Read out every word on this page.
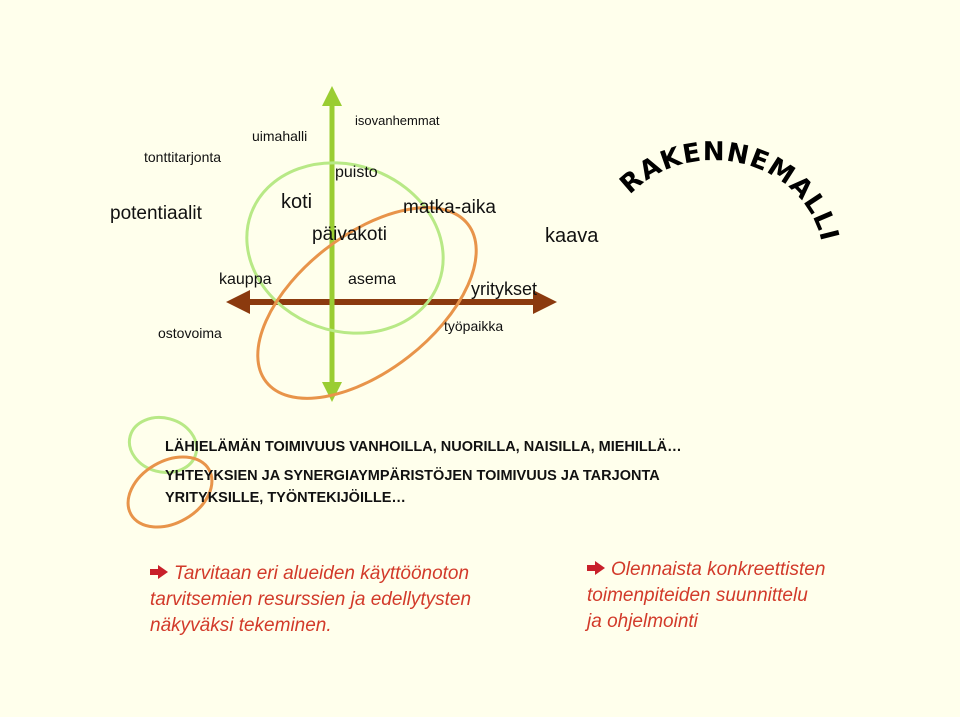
RAKENNEMALLI
isovanhemmat
uimahalli
tonttitarjonta
puisto
koti	matka-aika
potentiaalit
päivakoti	kaava
kauppa	asema	yritykset
ostovoima	työpaikka
LÄHIELÄMÄN TOIMIVUUS VANHOILLA, NUORILLA, NAISILLA, MIEHILLÄ…
YHTEYKSIEN JA SYNERGIAYMPÄRISTÖJEN TOIMIVUUS JA TARJONTA
YRITYKSILLE, TYÖNTEKIJÖILLE…
Tarvitaan eri alueiden käyttöönoton
tarvitsemien resurssien ja edellytysten
näkyväksi tekeminen.
Olennaista konkreettisten
toimenpiteiden suunnittelu
ja ohjelmointi
